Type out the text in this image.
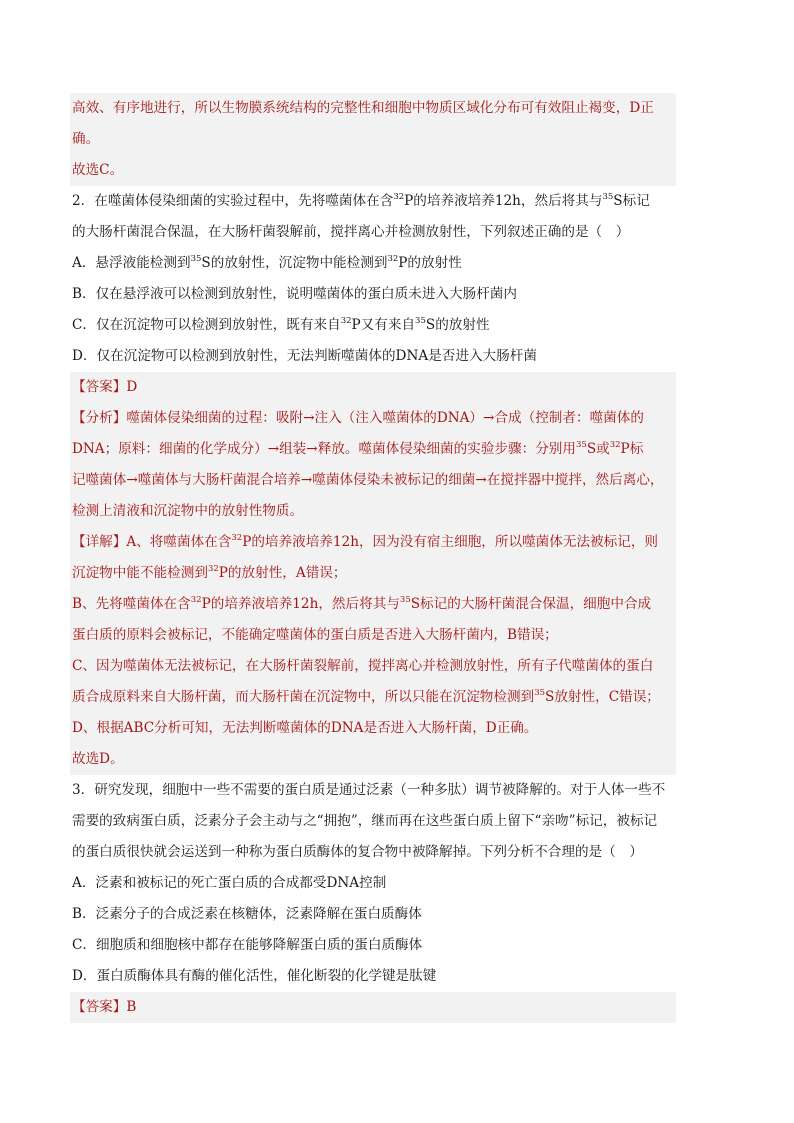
高效、有序地进行，所以生物膜系统结构的完整性和细胞中物质区域化分布可有效阻止褐变，D正
确。
故选C。
2．在噬菌体侵染细菌的实验过程中，先将噬菌体在含$^{32}$P的培养液培养12h，然后将其与$^{35}$S标记
的大肠杆菌混合保温，在大肠杆菌裂解前，搅拌离心并检测放射性，下列叙述正确的是（　）
A．悬浮液能检测到$^{35}$S的放射性，沉淀物中能检测到$^{32}$P的放射性
B．仅在悬浮液可以检测到放射性，说明噬菌体的蛋白质未进入大肠杆菌内
C．仅在沉淀物可以检测到放射性，既有来自$^{32}$P又有来自$^{35}$S的放射性
D．仅在沉淀物可以检测到放射性，无法判断噬菌体的DNA是否进入大肠杆菌
【答案】D
【分析】噬菌体侵染细菌的过程：吸附→注入（注入噬菌体的DNA）→合成（控制者：噬菌体的
DNA；原料：细菌的化学成分）→组装→释放。噬菌体侵染细菌的实验步骤：分别用$^{35}$S或$^{32}$P标
记噬菌体→噬菌体与大肠杆菌混合培养→噬菌体侵染未被标记的细菌→在搅拌器中搅拌，然后离心，
检测上清液和沉淀物中的放射性物质。
【详解】A、将噬菌体在含$^{32}$P的培养液培养12h，因为没有宿主细胞，所以噬菌体无法被标记，则
沉淀物中能不能检测到$^{32}$P的放射性，A错误；
B、先将噬菌体在含$^{32}$P的培养液培养12h，然后将其与$^{35}$S标记的大肠杆菌混合保温，细胞中合成
蛋白质的原料会被标记，不能确定噬菌体的蛋白质是否进入大肠杆菌内，B错误；
C、因为噬菌体无法被标记，在大肠杆菌裂解前，搅拌离心并检测放射性，所有子代噬菌体的蛋白
质合成原料来自大肠杆菌，而大肠杆菌在沉淀物中，所以只能在沉淀物检测到$^{35}$S放射性，C错误；
D、根据ABC分析可知，无法判断噬菌体的DNA是否进入大肠杆菌，D正确。
故选D。
3．研究发现，细胞中一些不需要的蛋白质是通过泛素（一种多肽）调节被降解的。对于人体一些不
需要的致病蛋白质，泛素分子会主动与之“拥抱”，继而再在这些蛋白质上留下“亲吻”标记，被标记
的蛋白质很快就会运送到一种称为蛋白质酶体的复合物中被降解掉。下列分析不合理的是（　）
A．泛素和被标记的死亡蛋白质的合成都受DNA控制
B．泛素分子的合成泛素在核糖体，泛素降解在蛋白质酶体
C．细胞质和细胞核中都存在能够降解蛋白质的蛋白质酶体
D．蛋白质酶体具有酶的催化活性，催化断裂的化学键是肽键
【答案】B
